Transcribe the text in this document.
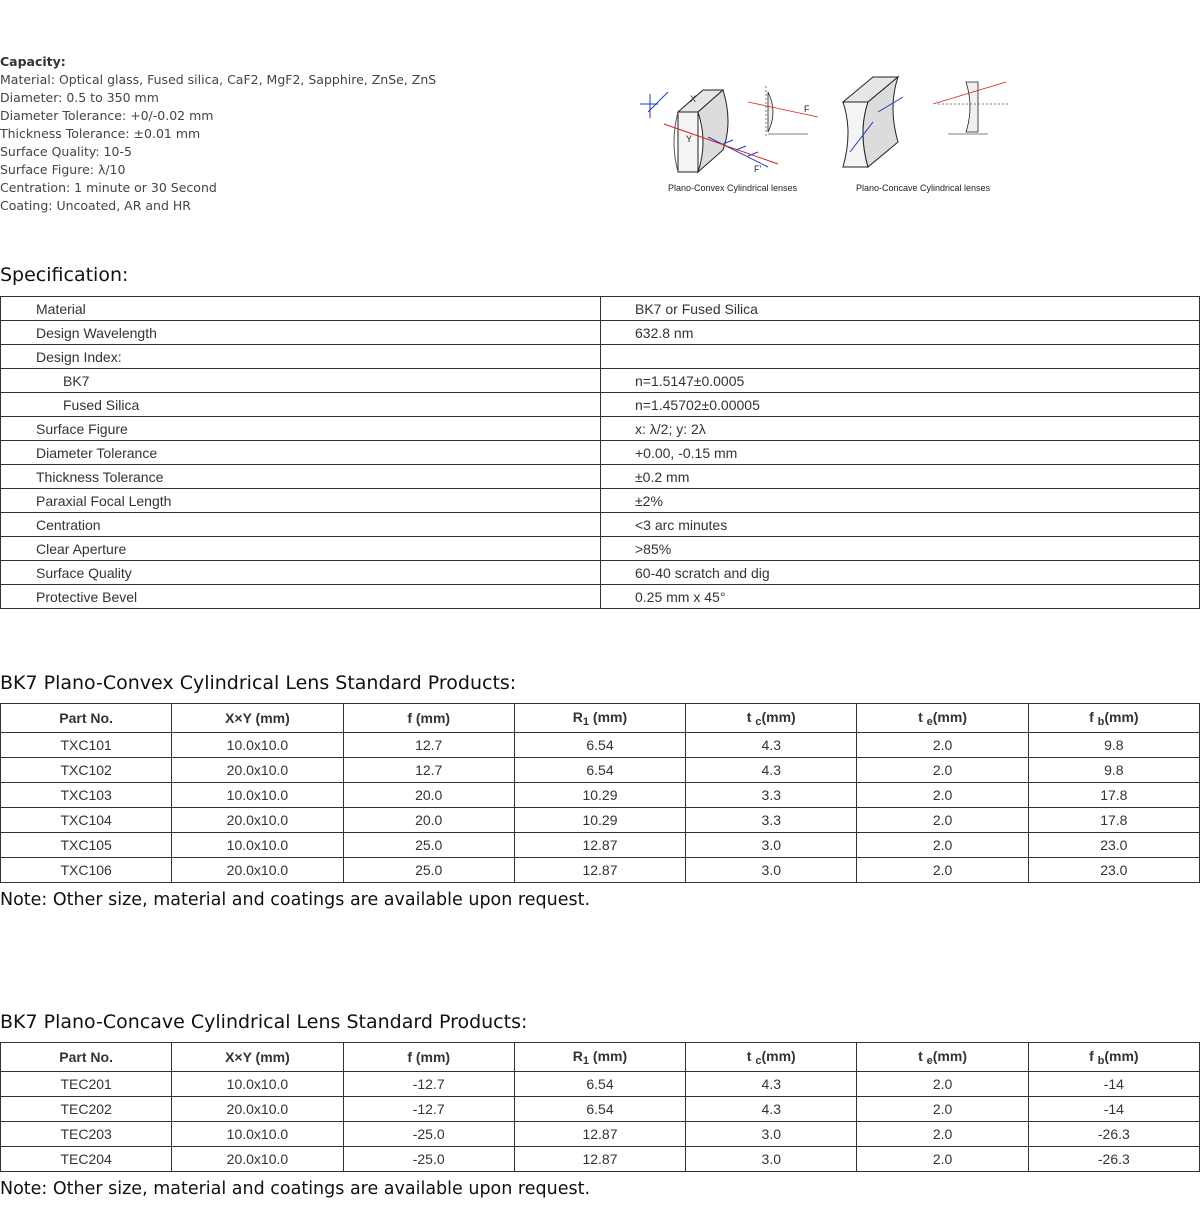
Capacity:
Material: Optical glass, Fused silica, CaF2, MgF2, Sapphire, ZnSe, ZnS
Diameter: 0.5 to 350 mm
Diameter Tolerance: +0/-0.02 mm
Thickness Tolerance: ±0.01 mm
Surface Quality: 10-5
Surface Figure: λ/10
Centration: 1 minute or 30 Second
Coating: Uncoated, AR and HR
X
Y
F'
F
Plano-Convex Cylindrical lenses	Plano-Concave Cylindrical lenses
Specification:
Material	BK7 or Fused Silica
Design Wavelength	632.8 nm
Design Index:	
BK7	n=1.5147±0.0005
Fused Silica	n=1.45702±0.00005
Surface Figure	x: λ/2; y: 2λ
Diameter Tolerance	+0.00, -0.15 mm
Thickness Tolerance	±0.2 mm
Paraxial Focal Length	±2%
Centration	<3 arc minutes
Clear Aperture	>85%
Surface Quality	60-40 scratch and dig
Protective Bevel	0.25 mm x 45°
BK7 Plano-Convex Cylindrical Lens Standard Products:
Part No.	X×Y (mm)	f (mm)	$R_1$ (mm)	t $_c$(mm)	t $_e$(mm)	f $_b$(mm)
TXC101	10.0x10.0	12.7	6.54	4.3	2.0	9.8
TXC102	20.0x10.0	12.7	6.54	4.3	2.0	9.8
TXC103	10.0x10.0	20.0	10.29	3.3	2.0	17.8
TXC104	20.0x10.0	20.0	10.29	3.3	2.0	17.8
TXC105	10.0x10.0	25.0	12.87	3.0	2.0	23.0
TXC106	20.0x10.0	25.0	12.87	3.0	2.0	23.0
Note: Other size, material and coatings are available upon request.
BK7 Plano-Concave Cylindrical Lens Standard Products:
Part No.	X×Y (mm)	f (mm)	$R_1$ (mm)	t $_c$(mm)	t $_e$(mm)	f $_b$(mm)
TEC201	10.0x10.0	-12.7	6.54	4.3	2.0	-14
TEC202	20.0x10.0	-12.7	6.54	4.3	2.0	-14
TEC203	10.0x10.0	-25.0	12.87	3.0	2.0	-26.3
TEC204	20.0x10.0	-25.0	12.87	3.0	2.0	-26.3
Note: Other size, material and coatings are available upon request.
